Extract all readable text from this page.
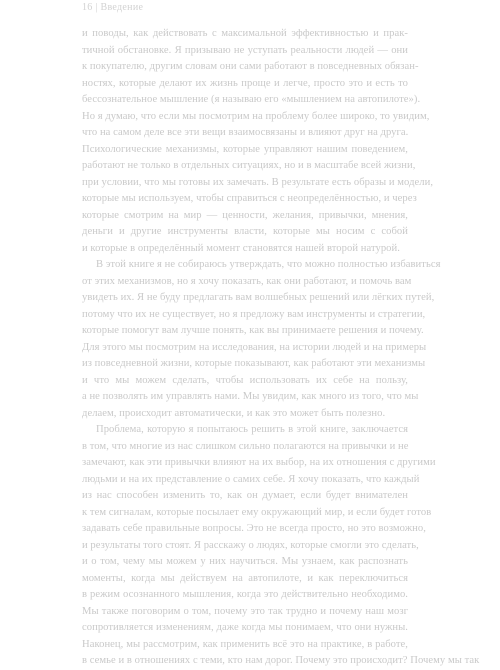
16 | Введение
и поводы, как действовать с максимальной эффективностью и прак-
тичной обстановке. Я призываю не уступать реальности людей — они
к покупателю, другим словам они сами работают в повседневных обязан-
ностях, которые делают их жизнь проще и легче, просто это и есть то
бессознательное мышление (я называю его «мышлением на автопилоте»).
Но я думаю, что если мы посмотрим на проблему более широко, то увидим,
что на самом деле все эти вещи взаимосвязаны и влияют друг на друга.
Психологические механизмы, которые управляют нашим поведением,
работают не только в отдельных ситуациях, но и в масштабе всей жизни,
при условии, что мы готовы их замечать. В результате есть образы и модели,
которые мы используем, чтобы справиться с неопределённостью, и через
которые смотрим на мир — ценности, желания, привычки, мнения,
деньги и другие инструменты власти, которые мы носим с собой
и которые в определённый момент становятся нашей второй натурой.
В этой книге я не собираюсь утверждать, что можно полностью избавиться
от этих механизмов, но я хочу показать, как они работают, и помочь вам
увидеть их. Я не буду предлагать вам волшебных решений или лёгких путей,
потому что их не существует, но я предложу вам инструменты и стратегии,
которые помогут вам лучше понять, как вы принимаете решения и почему.
Для этого мы посмотрим на исследования, на истории людей и на примеры
из повседневной жизни, которые показывают, как работают эти механизмы
и что мы можем сделать, чтобы использовать их себе на пользу,
а не позволять им управлять нами. Мы увидим, как много из того, что мы
делаем, происходит автоматически, и как это может быть полезно.
Проблема, которую я попытаюсь решить в этой книге, заключается
в том, что многие из нас слишком сильно полагаются на привычки и не
замечают, как эти привычки влияют на их выбор, на их отношения с другими
людьми и на их представление о самих себе. Я хочу показать, что каждый
из нас способен изменить то, как он думает, если будет внимателен
к тем сигналам, которые посылает ему окружающий мир, и если будет готов
задавать себе правильные вопросы. Это не всегда просто, но это возможно,
и результаты того стоят. Я расскажу о людях, которые смогли это сделать,
и о том, чему мы можем у них научиться. Мы узнаем, как распознать
моменты, когда мы действуем на автопилоте, и как переключиться
в режим осознанного мышления, когда это действительно необходимо.
Мы также поговорим о том, почему это так трудно и почему наш мозг
сопротивляется изменениям, даже когда мы понимаем, что они нужны.
Наконец, мы рассмотрим, как применить всё это на практике, в работе,
в семье и в отношениях с теми, кто нам дорог. Почему это происходит? Почему мы так
